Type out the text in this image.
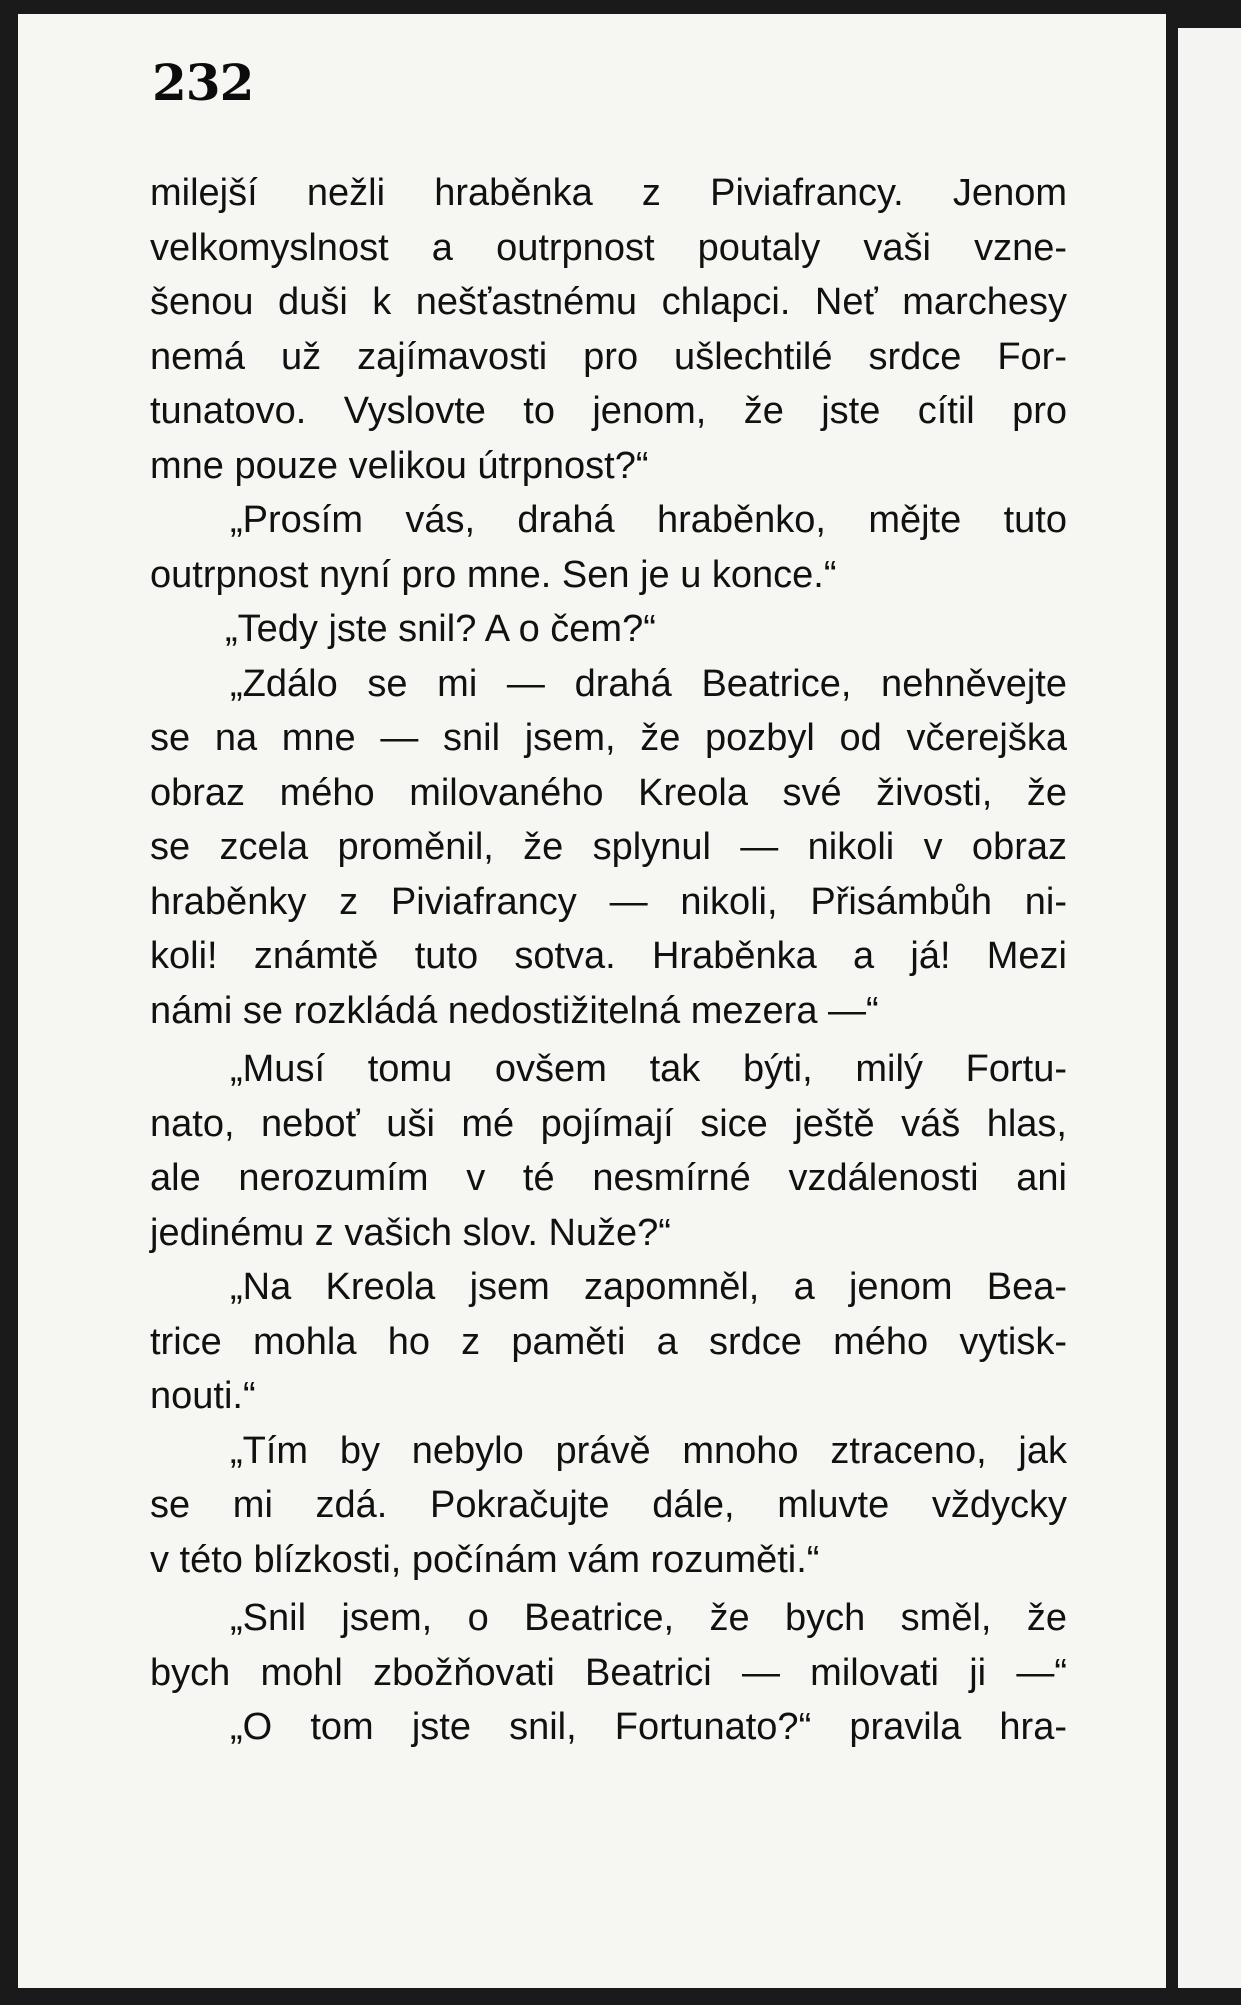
232
milejší nežli hraběnka z Piviafrancy. Jenom
velkomyslnost a outrpnost poutaly vaši vzne-
šenou duši k nešťastnému chlapci. Neť marchesy
nemá už zajímavosti pro ušlechtilé srdce For-
tunatovo. Vyslovte to jenom, že jste cítil pro
mne pouze velikou útrpnost?“
„Prosím vás, drahá hraběnko, mějte tuto
outrpnost nyní pro mne. Sen je u konce.“
„Tedy jste snil? A o čem?“
„Zdálo se mi — drahá Beatrice, nehněvejte
se na mne — snil jsem, že pozbyl od včerejška
obraz mého milovaného Kreola své živosti, že
se zcela proměnil, že splynul — nikoli v obraz
hraběnky z Piviafrancy — nikoli, Přisámbůh ni-
koli! známtě tuto sotva. Hraběnka a já! Mezi
námi se rozkládá nedostižitelná mezera —“
„Musí tomu ovšem tak býti, milý Fortu-
nato, neboť uši mé pojímají sice ještě váš hlas,
ale nerozumím v té nesmírné vzdálenosti ani
jedinému z vašich slov. Nuže?“
„Na Kreola jsem zapomněl, a jenom Bea-
trice mohla ho z paměti a srdce mého vytisk-
nouti.“
„Tím by nebylo právě mnoho ztraceno, jak
se mi zdá. Pokračujte dále, mluvte vždycky
v této blízkosti, počínám vám rozuměti.“
„Snil jsem, o Beatrice, že bych směl, že
bych mohl zbožňovati Beatrici — milovati ji —“
„O tom jste snil, Fortunato?“ pravila hra-
